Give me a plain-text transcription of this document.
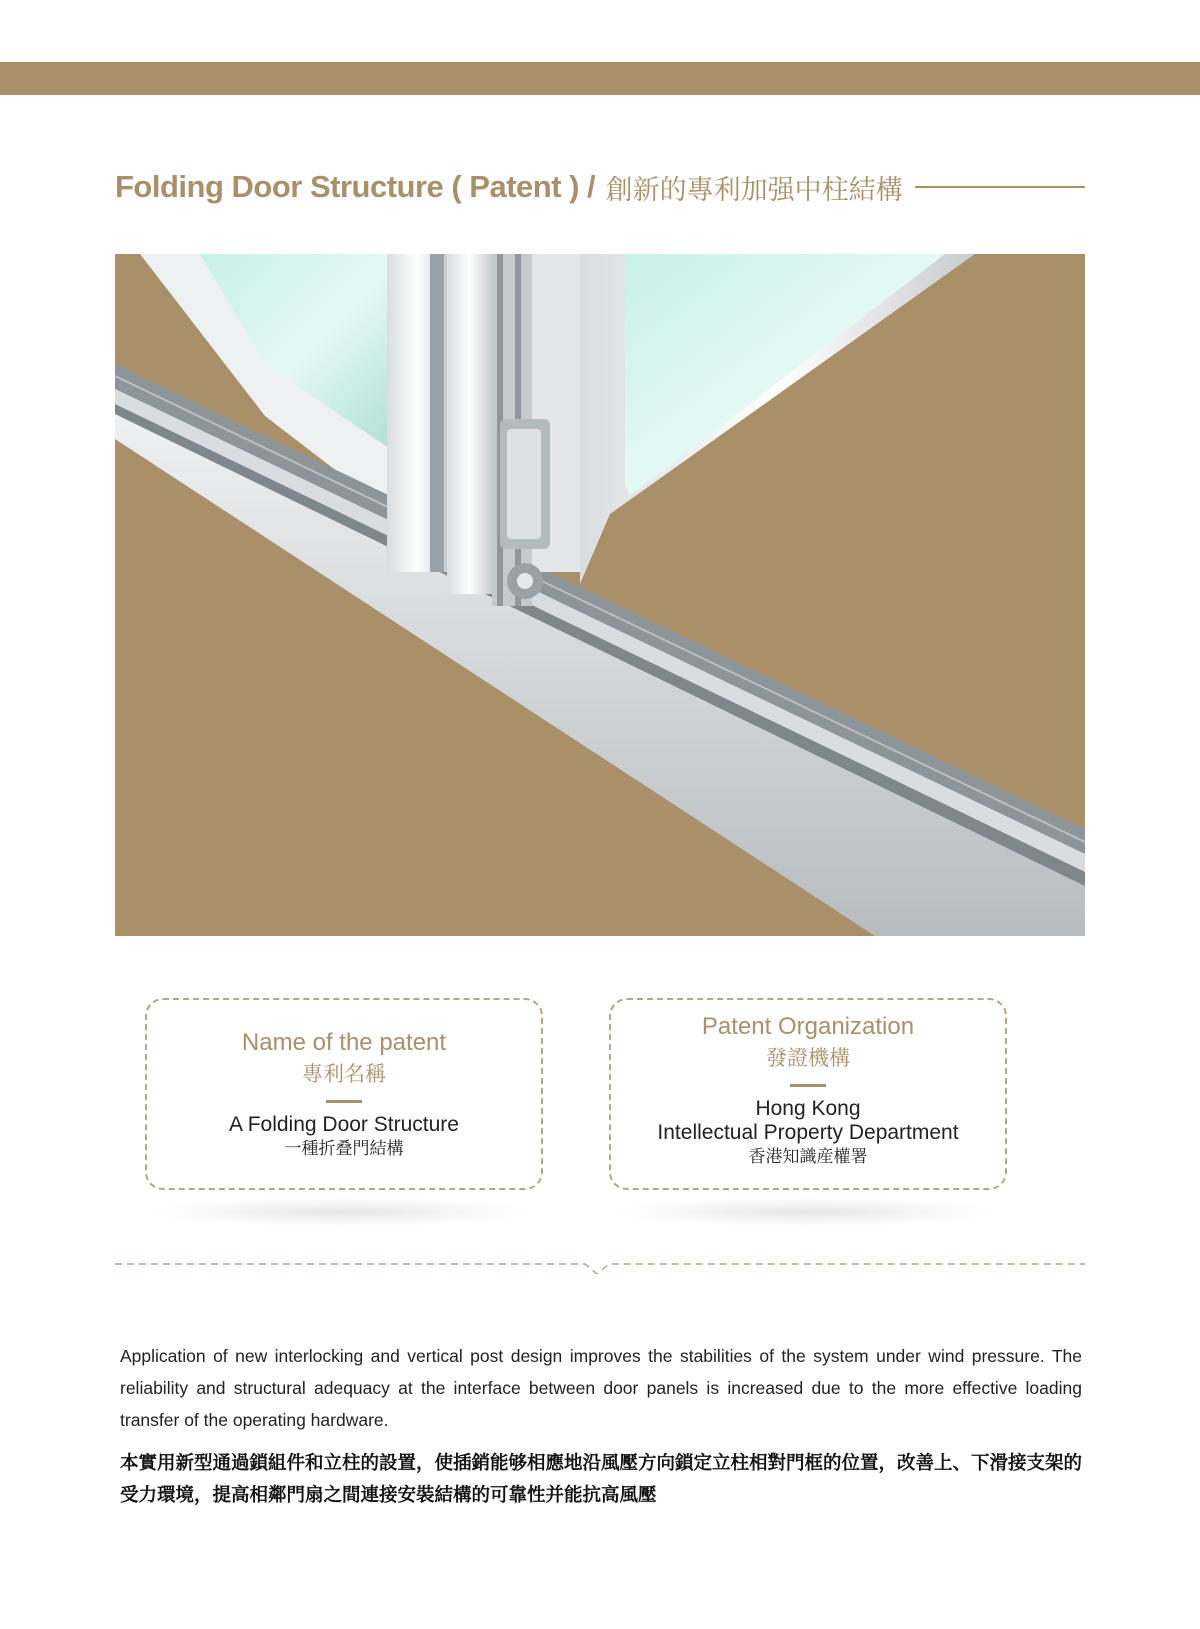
Folding Door Structure ( Patent ) / 創新的專利加强中柱結構
Name of the patent
專利名稱
A Folding Door Structure
一種折叠門結構
Patent Organization
發證機構
Hong Kong
Intellectual Property Department
香港知識産權署
Application of new interlocking and vertical post design improves the stabilities of the system under wind pressure. The reliability and structural adequacy at the interface between door panels is increased due to the more effective loading transfer of the operating hardware.
本實用新型通過鎖組件和立柱的設置，使插銷能够相應地沿風壓方向鎖定立柱相對門框的位置，改善上、下滑接支架的受力環境，提高相鄰門扇之間連接安裝結構的可靠性并能抗高風壓
